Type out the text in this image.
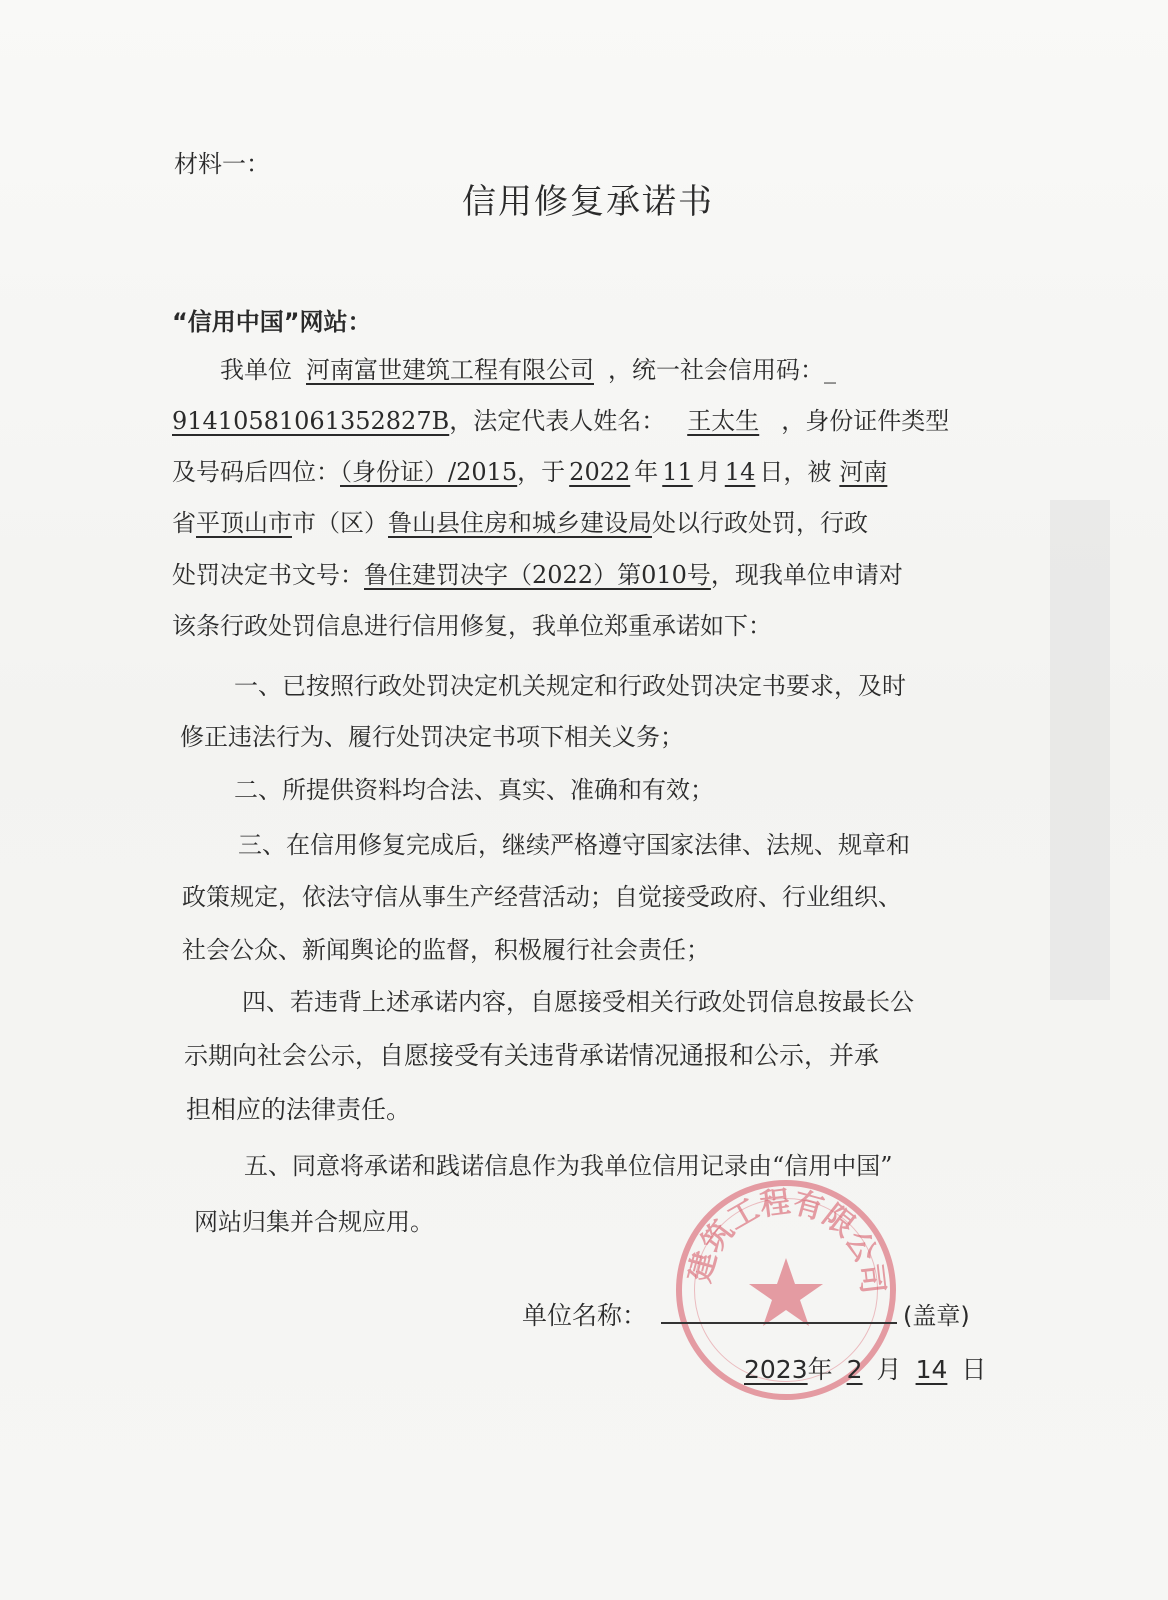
材料一：
信用修复承诺书
“信用中国”网站：
我单位 河南富世建筑工程有限公司 ，统一社会信用码：_
91410581061352827B，法定代表人姓名： 王太生 ，身份证件类型
及号码后四位：（身份证）/2015，于 2022 年 11 月 14 日，被 河南
省平顶山市市（区）鲁山县住房和城乡建设局处以行政处罚，行政
处罚决定书文号：鲁住建罚决字（2022）第010号，现我单位申请对
该条行政处罚信息进行信用修复，我单位郑重承诺如下：
一、已按照行政处罚决定机关规定和行政处罚决定书要求，及时
修正违法行为、履行处罚决定书项下相关义务；
二、所提供资料均合法、真实、准确和有效；
三、在信用修复完成后，继续严格遵守国家法律、法规、规章和
政策规定，依法守信从事生产经营活动；自觉接受政府、行业组织、
社会公众、新闻舆论的监督，积极履行社会责任；
四、若违背上述承诺内容，自愿接受相关行政处罚信息按最长公
示期向社会公示，自愿接受有关违背承诺情况通报和公示，并承
担相应的法律责任。
五、同意将承诺和践诺信息作为我单位信用记录由“信用中国”
网站归集并合规应用。
建筑工程有限公司
单位名称：	(盖章)
2023年 2 月 14 日
